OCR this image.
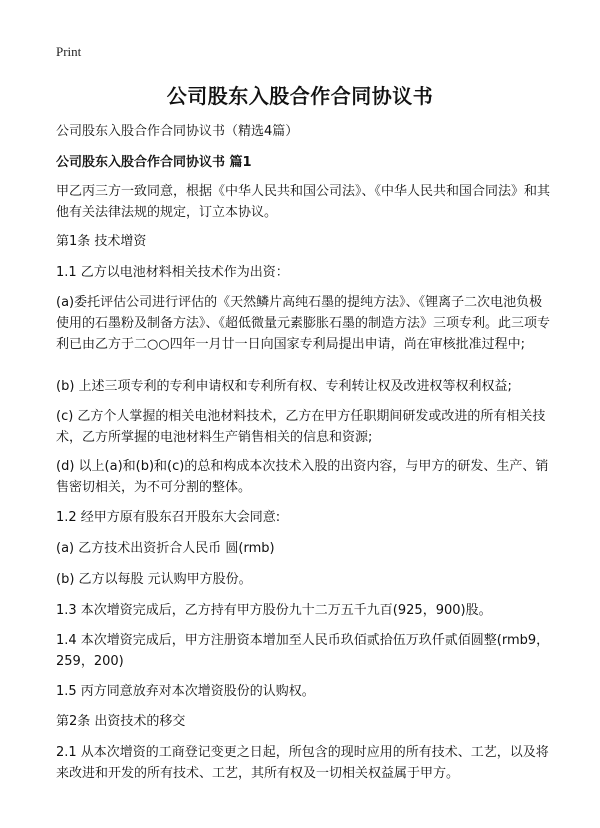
Print
公司股东入股合作合同协议书
公司股东入股合作合同协议书（精选4篇）
公司股东入股合作合同协议书 篇1
甲乙丙三方一致同意，根据《中华人民共和国公司法》、《中华人民共和国合同法》和其他有关法律法规的规定，订立本协议。
第1条 技术增资
1.1 乙方以电池材料相关技术作为出资：
(a)委托评估公司进行评估的《天然鳞片高纯石墨的提纯方法》、《锂离子二次电池负极使用的石墨粉及制备方法》、《超低微量元素膨胀石墨的制造方法》三项专利。此三项专利已由乙方于二○○四年一月廿一日向国家专利局提出申请，尚在审核批准过程中;
(b) 上述三项专利的专利申请权和专利所有权、专利转让权及改进权等权利权益;
(c) 乙方个人掌握的相关电池材料技术，乙方在甲方任职期间研发或改进的所有相关技术，乙方所掌握的电池材料生产销售相关的信息和资源;
(d) 以上(a)和(b)和(c)的总和构成本次技术入股的出资内容，与甲方的研发、生产、销售密切相关，为不可分割的整体。
1.2 经甲方原有股东召开股东大会同意:
(a) 乙方技术出资折合人民币 圆(rmb)
(b) 乙方以每股 元认购甲方股份。
1.3 本次增资完成后，乙方持有甲方股份九十二万五千九百(925，900)股。
1.4 本次增资完成后，甲方注册资本增加至人民币玖佰贰拾伍万玖仟贰佰圆整(rmb9，259，200)
1.5 丙方同意放弃对本次增资股份的认购权。
第2条 出资技术的移交
2.1 从本次增资的工商登记变更之日起，所包含的现时应用的所有技术、工艺，以及将来改进和开发的所有技术、工艺，其所有权及一切相关权益属于甲方。
